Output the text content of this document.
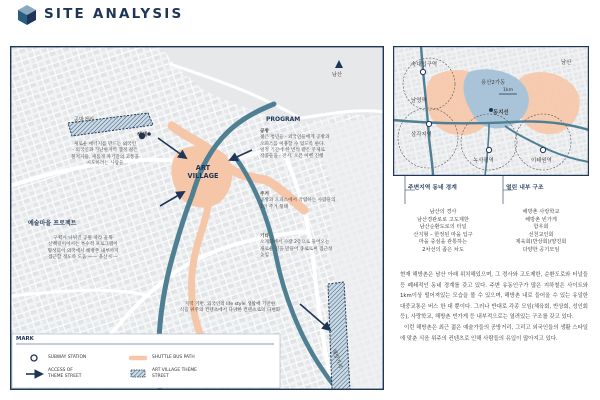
SITE ANALYSIS
공방거리
헤헤
남산
ART
VILLAGE
해방거리
새로운 에너지를 만드는 외국인
- 외국인과 가난한지역 젤정 젊은
철저지들, 새롭게 자기만의 고통을
시도하려는 사람들
예술마을 프로젝트
구획이 나뉘진 공원 따라 골목
산책길이어서는 부수적 프로그램이
형성되어 외국에서 해방촌 내부까지
접근할 정도록 도움 —— 용산시 —
PROGRAM
공방
젊은 청년들 · 외국인들에게 공방과
오피스를 이용할 수 있도록 한다.
일정 기간에 한 번씩 같은 주제로
작품들을 · 전시, 오픈 이벤 진행
주거
공방과 오피스에서 작업하는 사람들의
1인 주거 형태
기타
오게되에서 사장 2층으로 들어오는
새로운 길을 만들어 종로로써 접근성
높임
지역 기반, 외국인의 life style 생활에 기반한
식음 위주의 컨텐츠에서 다양한 컨텐츠로의 다변화
MARK
SUBWAY STATION	SHUTTLE BUS PATH
ACCESS OF
THEME STREET
ART VILLAGE THEME
STREET
남산
숙대입구역
남영역
용산2가동
1km
동지선
삼각지역
녹사평역	이태원역
주변지역 동네 경계
남산의 경사
남산경관로로 고도제한
남산순환도로의 터널
산지형 – 한정된 마을 입구
마을 중심을 관통하는
2차선의 좁은 차도
열린 내부 구조
해방촌 사랑학교
해방촌 빈가게
함우회
선천교인회
제육회(반상회)/양진회
다양한 공기모임

현재 해방촌은 남산 아래 위치해있으며, 그 경사와 고도제한, 순환도로와 터널들 등 폐쇄적인 동네 경계를 갖고 있다. 주변 유동인구가 많은 지하철은 사이트와 1km이상 떨어져있는 모습을 볼 수 있으며, 해방촌 내로 들어올 수 있는 유일한 대중교통은 버스 한 대 뿐이다. 그러나 반대로 각종 모임(체육회, 반상회, 성인회 등), 사랑학교, 해방촌 빈가게 등 내부적으로는 열려있는 구조를 갖고 있다.

이런 해방촌은 최근 젊은 예술가들의 공방거리, 그리고 외국인들의 생활 스타일에 맞춘 식음 위주의 컨텐츠로 인해 사람들의 유입이 많아지고 있다.
